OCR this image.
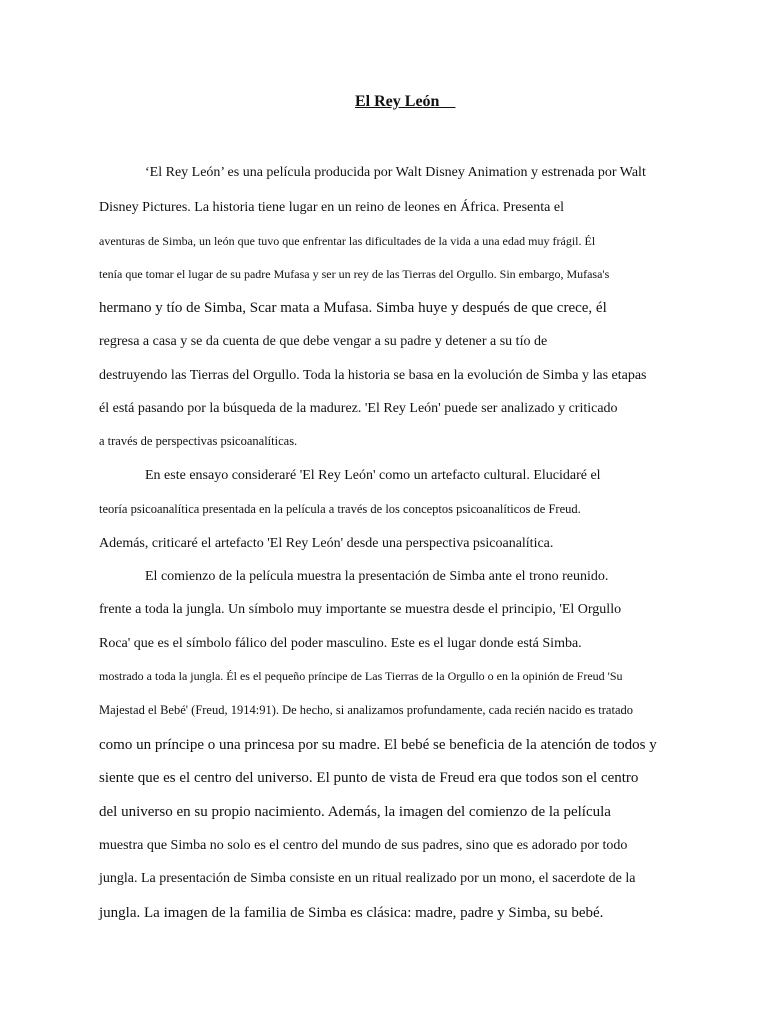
El Rey León
‘El Rey León’ es una película producida por Walt Disney Animation y estrenada por Walt
Disney Pictures. La historia tiene lugar en un reino de leones en África. Presenta el
aventuras de Simba, un león que tuvo que enfrentar las dificultades de la vida a una edad muy frágil. Él
tenía que tomar el lugar de su padre Mufasa y ser un rey de las Tierras del Orgullo. Sin embargo, Mufasa's
hermano y tío de Simba, Scar mata a Mufasa. Simba huye y después de que crece, él
regresa a casa y se da cuenta de que debe vengar a su padre y detener a su tío de
destruyendo las Tierras del Orgullo. Toda la historia se basa en la evolución de Simba y las etapas
él está pasando por la búsqueda de la madurez. 'El Rey León' puede ser analizado y criticado
a través de perspectivas psicoanalíticas.
En este ensayo consideraré 'El Rey León' como un artefacto cultural. Elucidaré el
teoría psicoanalítica presentada en la película a través de los conceptos psicoanalíticos de Freud.
Además, criticaré el artefacto 'El Rey León' desde una perspectiva psicoanalítica.
El comienzo de la película muestra la presentación de Simba ante el trono reunido.
frente a toda la jungla. Un símbolo muy importante se muestra desde el principio, 'El Orgullo
Roca' que es el símbolo fálico del poder masculino. Este es el lugar donde está Simba.
mostrado a toda la jungla. Él es el pequeño príncipe de Las Tierras de la Orgullo o en la opinión de Freud 'Su
Majestad el Bebé' (Freud, 1914:91). De hecho, si analizamos profundamente, cada recién nacido es tratado
como un príncipe o una princesa por su madre. El bebé se beneficia de la atención de todos y
siente que es el centro del universo. El punto de vista de Freud era que todos son el centro
del universo en su propio nacimiento. Además, la imagen del comienzo de la película
muestra que Simba no solo es el centro del mundo de sus padres, sino que es adorado por todo
jungla. La presentación de Simba consiste en un ritual realizado por un mono, el sacerdote de la
jungla. La imagen de la familia de Simba es clásica: madre, padre y Simba, su bebé.
